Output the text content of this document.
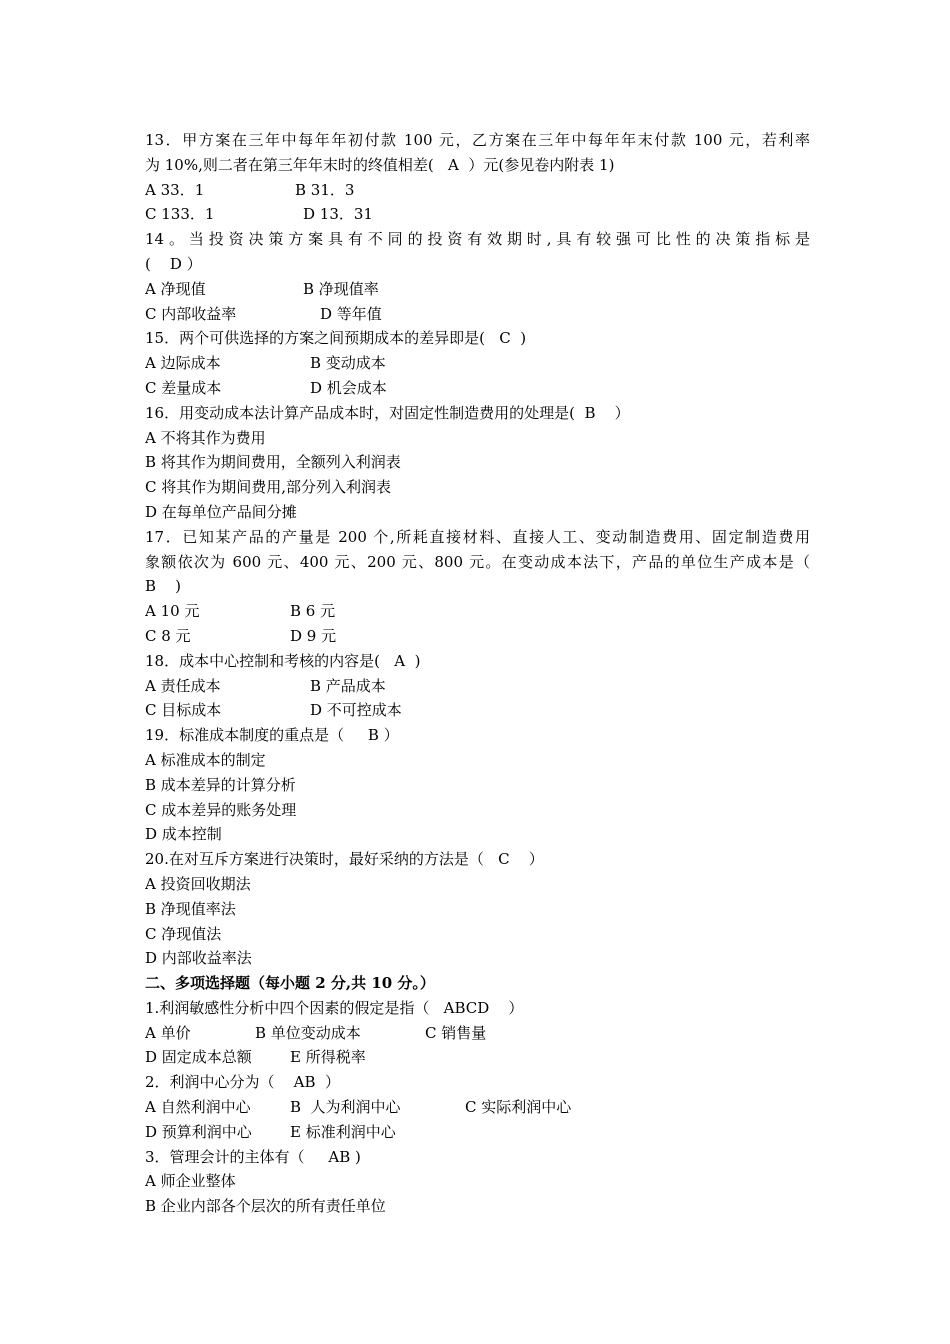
13．甲方案在三年中每年年初付款 100 元，乙方案在三年中每年年末付款 100 元，若利率
为 10%,则二者在第三年年末时的终值相差(   A  ）元(参见卷内附表 1)
A 33．1	B 31．3
C 133．1	D 13．31
14。当投资决策方案具有不同的投资有效期时,具有较强可比性的决策指标是
(    D ）
A 净现值	B 净现值率
C 内部收益率	D 等年值
15．两个可供选择的方案之间预期成本的差异即是(   C  )
A 边际成本	B 变动成本
C 差量成本	D 机会成本
16．用变动成本法计算产品成本时，对固定性制造费用的处理是(  B    ）
A 不将其作为费用
B 将其作为期间费用，全额列入利润表
C 将其作为期间费用,部分列入利润表
D 在每单位产品间分摊
17．已知某产品的产量是 200 个,所耗直接材料、直接人工、变动制造费用、固定制造费用
象额依次为 600 元、400 元、200 元、800 元。在变动成本法下，产品的单位生产成本是（
B    )
A 10 元	B 6 元
C 8 元	D 9 元
18．成本中心控制和考核的内容是(   A  )
A 责任成本	B 产品成本
C 目标成本	D 不可控成本
19．标准成本制度的重点是（     B ）
A 标准成本的制定
B 成本差异的计算分析
C 成本差异的账务处理
D 成本控制
20.在对互斥方案进行决策时，最好采纳的方法是（   C    ）
A 投资回收期法
B 净现值率法
C 净现值法
D 内部收益率法
二、多项选择题（每小题 2 分,共 10 分。）
1.利润敏感性分析中四个因素的假定是指（   ABCD    ）
A 单价	B 单位变动成本	C 销售量
D 固定成本总额	E 所得税率
2．利润中心分为（    AB  ）
A 自然利润中心	B  人为利润中心	C 实际利润中心
D 预算利润中心	E 标准利润中心
3．管理会计的主体有（     AB )
A 师企业整体
B 企业内部各个层次的所有责任单位
